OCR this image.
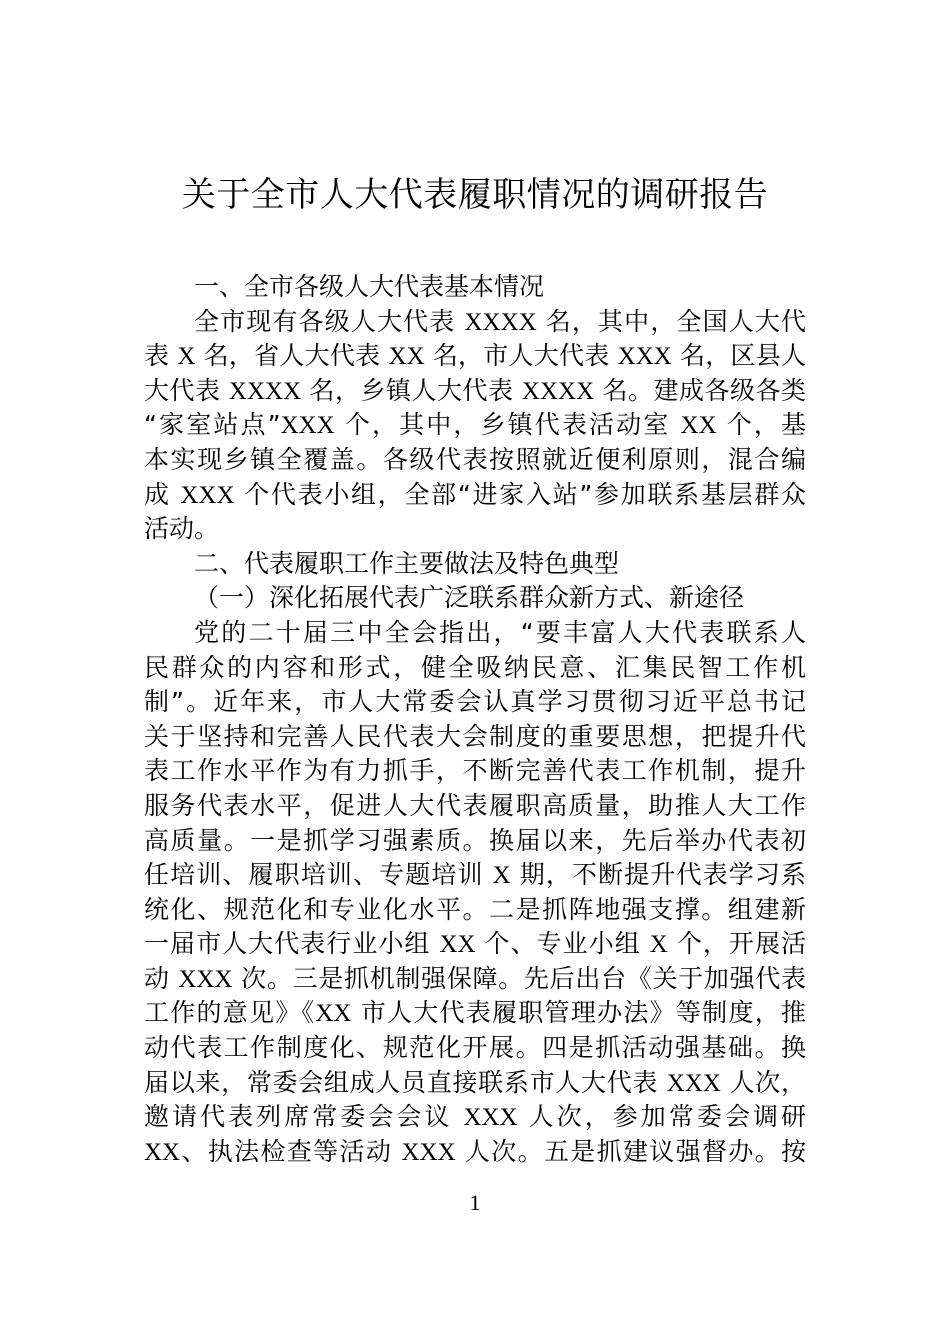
关于全市人大代表履职情况的调研报告
一、全市各级人大代表基本情况
全市现有各级人大代表 XXXX 名，其中，全国人大代
表 X 名，省人大代表 XX 名，市人大代表 XXX 名，区县人
大代表 XXXX 名，乡镇人大代表 XXXX 名。建成各级各类
“家室站点”XXX 个，其中，乡镇代表活动室 XX 个，基
本实现乡镇全覆盖。各级代表按照就近便利原则，混合编
成 XXX 个代表小组，全部“进家入站”参加联系基层群众
活动。
二、代表履职工作主要做法及特色典型
（一）深化拓展代表广泛联系群众新方式、新途径
党的二十届三中全会指出，“要丰富人大代表联系人
民群众的内容和形式，健全吸纳民意、汇集民智工作机
制”。近年来，市人大常委会认真学习贯彻习近平总书记
关于坚持和完善人民代表大会制度的重要思想，把提升代
表工作水平作为有力抓手，不断完善代表工作机制，提升
服务代表水平，促进人大代表履职高质量，助推人大工作
高质量。一是抓学习强素质。换届以来，先后举办代表初
任培训、履职培训、专题培训 X 期，不断提升代表学习系
统化、规范化和专业化水平。二是抓阵地强支撑。组建新
一届市人大代表行业小组 XX 个、专业小组 X 个，开展活
动 XXX 次。三是抓机制强保障。先后出台《关于加强代表
工作的意见》《XX 市人大代表履职管理办法》等制度，推
动代表工作制度化、规范化开展。四是抓活动强基础。换
届以来，常委会组成人员直接联系市人大代表 XXX 人次，
邀请代表列席常委会会议 XXX 人次，参加常委会调研
XX、执法检查等活动 XXX 人次。五是抓建议强督办。按
1
